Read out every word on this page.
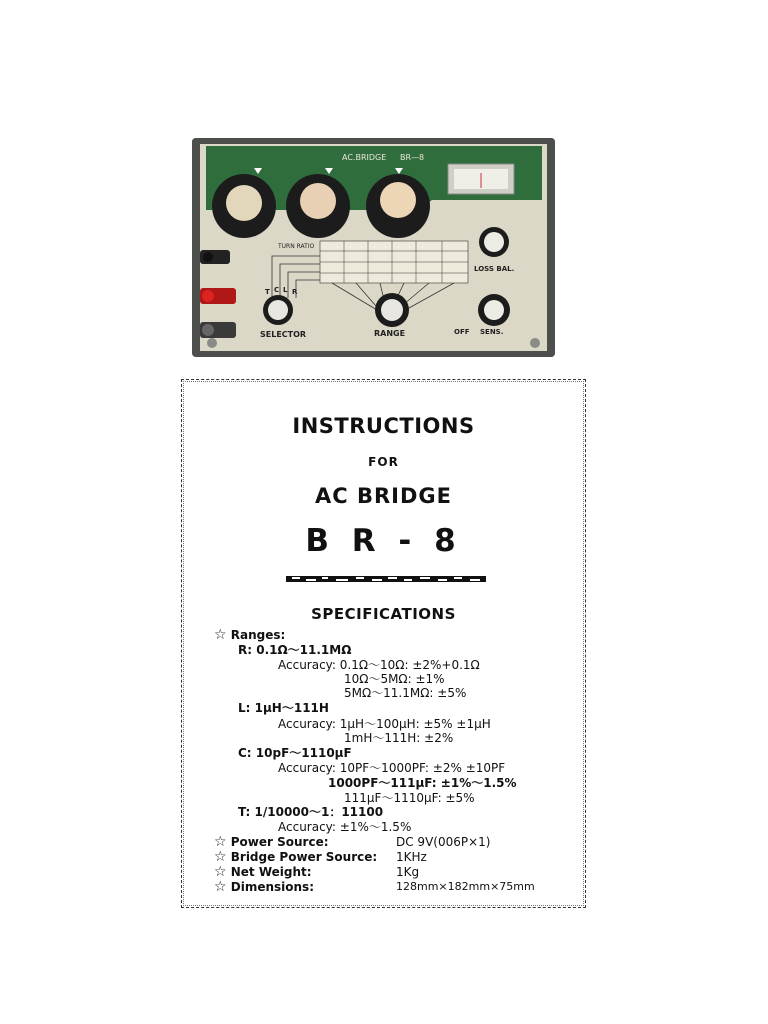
AC.BRIDGE BR—8
TURN RATIO
T C L R
SELECTOR	RANGE
LOSS BAL.
OFF SENS.
INSTRUCTIONS
FOR
AC BRIDGE
B R - 8
SPECIFICATIONS
☆ Ranges:
R: 0.1Ω～11.1MΩ
Accuracy: 0.1Ω～10Ω: ±2%+0.1Ω
10Ω～5MΩ: ±1%
5MΩ～11.1MΩ: ±5%
L: 1μH～111H
Accuracy: 1μH～100μH: ±5% ±1μH
1mH～111H: ±2%
C: 10pF～1110μF
Accuracy: 10PF～1000PF: ±2% ±10PF
1000PF～111μF: ±1%～1.5%
111μF～1110μF: ±5%
T: 1/10000～1：11100
Accuracy: ±1%～1.5%
☆ Power Source:	DC 9V(006P×1)
☆ Bridge Power Source: 1KHz
☆ Net Weight:	1Kg
☆ Dimensions:	128mm×182mm×75mm
